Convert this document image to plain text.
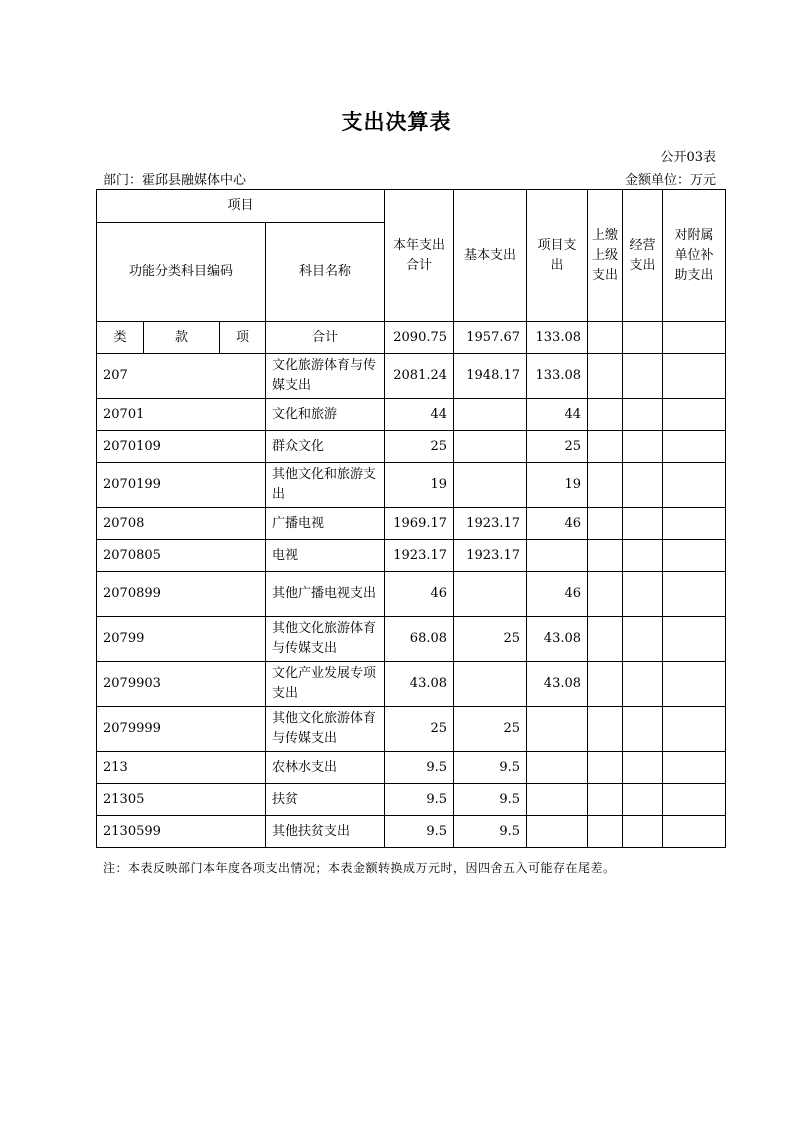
支出决算表
公开03表
部门：霍邱县融媒体中心	金额单位：万元
项目				本年支出合计	基本支出	项目支出	上缴上级支出	经营支出	对附属单位补助支出
功能分类科目编码			科目名称						
类	款	项	合计	2090.75	1957.67	133.08			
207			文化旅游体育与传媒支出	2081.24	1948.17	133.08			
20701			文化和旅游	44		44			
2070109			群众文化	25		25			
2070199			其他文化和旅游支出	19		19			
20708			广播电视	1969.17	1923.17	46			
2070805			电视	1923.17	1923.17				
2070899			其他广播电视支出	46		46			
20799			其他文化旅游体育与传媒支出	68.08	25	43.08			
2079903			文化产业发展专项支出	43.08		43.08			
2079999			其他文化旅游体育与传媒支出	25	25				
213			农林水支出	9.5	9.5				
21305			扶贫	9.5	9.5				
2130599			其他扶贫支出	9.5	9.5				
注：本表反映部门本年度各项支出情况；本表金额转换成万元时，因四舍五入可能存在尾差。
